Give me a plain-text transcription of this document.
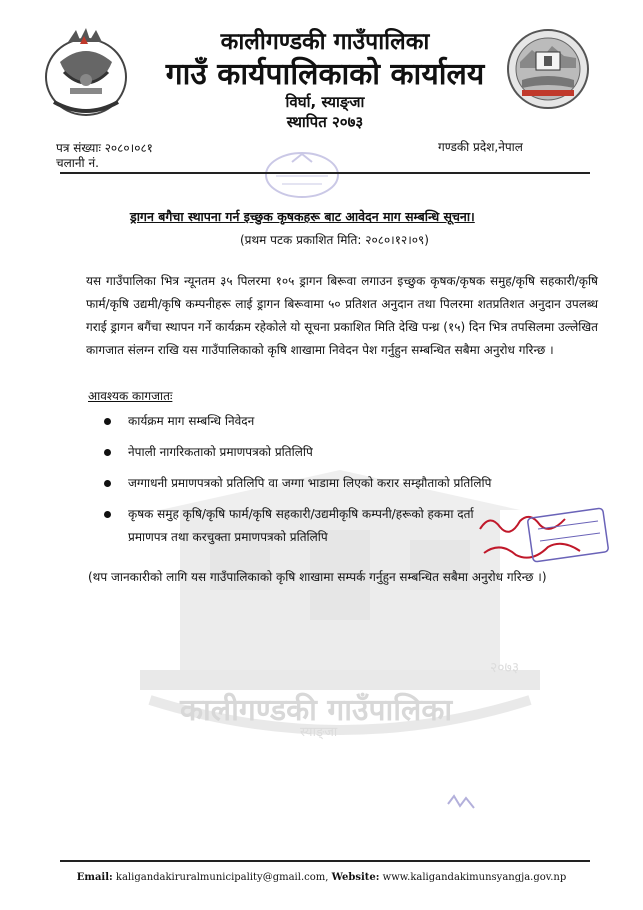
कालीगण्डकी गाउँपालिका
गाउँ कार्यपालिकाको कार्यालय
विर्घा, स्याङ्जा
स्थापित २०७३
पत्र संख्याः २०८०।०८१
चलानी नं.
गण्डकी प्रदेश,नेपाल
ड्रागन बगैचा स्थापना गर्न इच्छुक कृषकहरू बाट आवेदन माग सम्बन्धि सूचना।
(प्रथम पटक प्रकाशित मिति: २०८०।१२।०९)
यस गाउँपालिका भित्र न्यूनतम ३५ पिलरमा १०५ ड्रागन बिरूवा लगाउन इच्छुक कृषक/कृषक समुह/कृषि सहकारी/कृषि फार्म/कृषि उद्यमी/कृषि कम्पनीहरू लाई ड्रागन बिरूवामा ५० प्रतिशत अनुदान तथा पिलरमा शतप्रतिशत अनुदान उपलब्ध गराई ड्रागन बगैंचा स्थापन गर्ने कार्यक्रम रहेकोले यो सूचना प्रकाशित मिति देखि पन्ध्र (१५) दिन भित्र तपसिलमा उल्लेखित कागजात संलग्न राखि यस गाउँपालिकाको कृषि शाखामा निवेदन पेश गर्नुहुन सम्बन्धित सबैमा अनुरोध गरिन्छ ।
आवश्यक कागजातः
२०७३
कालीगण्डकी गाउँपालिका
स्याङ्जा
कार्यक्रम माग सम्बन्धि निवेदन
नेपाली नागरिकताको प्रमाणपत्रको प्रतिलिपि
जग्गाधनी प्रमाणपत्रको प्रतिलिपि वा जग्गा भाडामा लिएको करार सम्झौताको प्रतिलिपि
कृषक समुह कृषि/कृषि फार्म/कृषि सहकारी/उद्यमीकृषि कम्पनी/हरूको हकमा दर्ता प्रमाणपत्र तथा करचुक्ता प्रमाणपत्रको प्रतिलिपि
(थप जानकारीको लागि यस गाउँपालिकाको कृषि शाखामा सम्पर्क गर्नुहुन सम्बन्धित सबैमा अनुरोध गरिन्छ ।)
Email: kaligandakiruralmunicipality@gmail.com, Website: www.kaligandakimunsyangja.gov.np
